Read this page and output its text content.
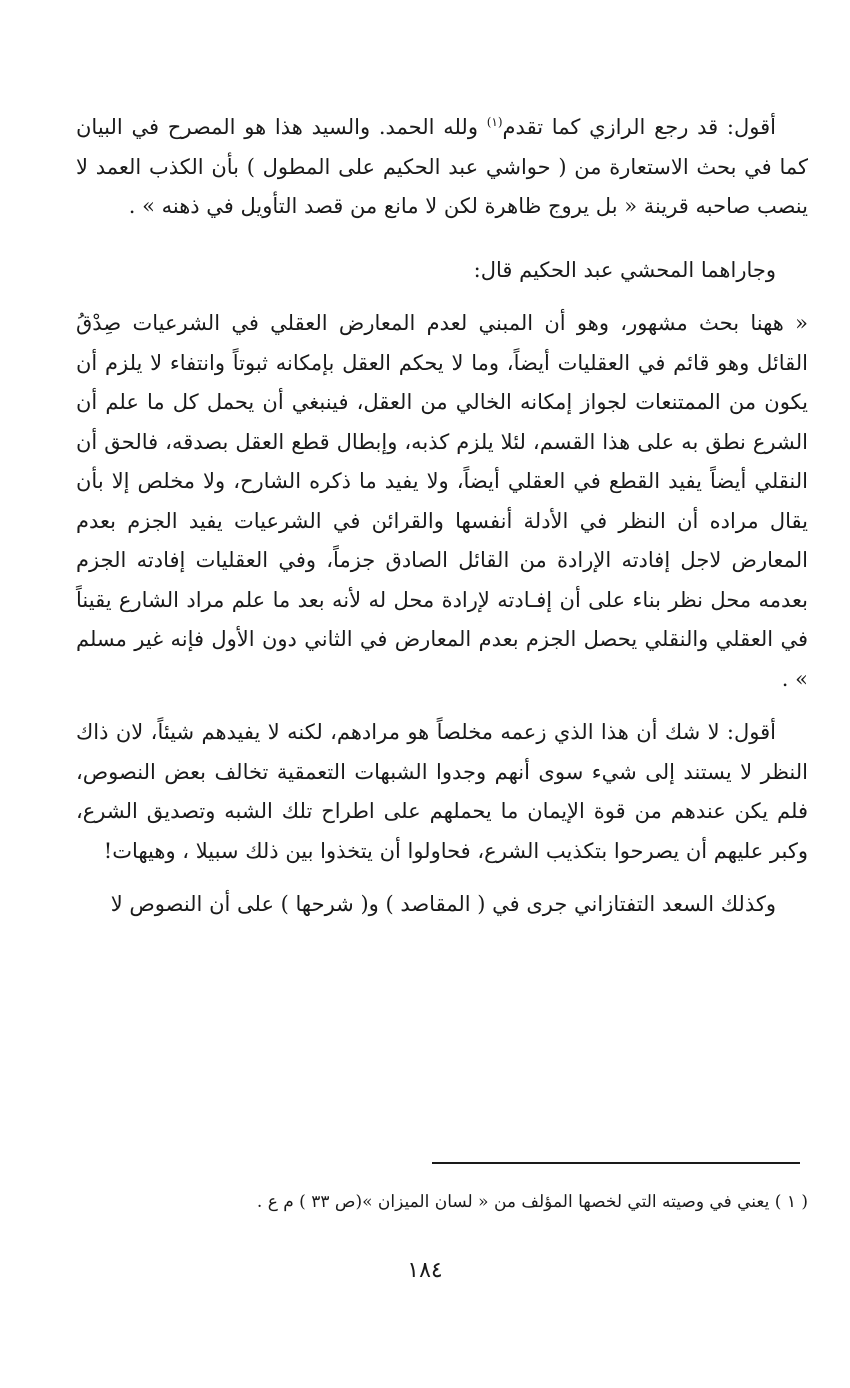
أقول: قد رجع الرازي كما تقدم$^{(١)}$ ولله الحمد. والسيد هذا هو المصرح في البيان كما في بحث الاستعارة من ( حواشي عبد الحكيم على المطول ) بأن الكذب العمد لا ينصب صاحبه قرينة « بل يروج ظاهرة لكن لا مانع من قصد التأويل في ذهنه » .

وجاراهما المحشي عبد الحكيم قال:

« ههنا بحث مشهور، وهو أن المبني لعدم المعارض العقلي في الشرعيات صِدْقُ القائل وهو قائم في العقليات أيضاً، وما لا يحكم العقل بإمكانه ثبوتاً وانتفاء لا يلزم أن يكون من الممتنعات لجواز إمكانه الخالي من العقل، فينبغي أن يحمل كل ما علم أن الشرع نطق به على هذا القسم، لئلا يلزم كذبه، وإبطال قطع العقل بصدقه، فالحق أن النقلي أيضاً يفيد القطع في العقلي أيضاً، ولا يفيد ما ذكره الشارح، ولا مخلص إلا بأن يقال مراده أن النظر في الأدلة أنفسها والقرائن في الشرعيات يفيد الجزم بعدم المعارض لاجل إفادته الإرادة من القائل الصادق جزماً، وفي العقليات إفادته الجزم بعدمه محل نظر بناء على أن إفـادته لإرادة محل له لأنه بعد ما علم مراد الشارع يقيناً في العقلي والنقلي يحصل الجزم بعدم المعارض في الثاني دون الأول فإنه غير مسلم » .

أقول: لا شك أن هذا الذي زعمه مخلصاً هو مرادهم، لكنه لا يفيدهم شيئاً، لان ذاك النظر لا يستند إلى شيء سوى أنهم وجدوا الشبهات التعمقية تخالف بعض النصوص، فلم يكن عندهم من قوة الإيمان ما يحملهم على اطراح تلك الشبه وتصديق الشرع، وكبر عليهم أن يصرحوا بتكذيب الشرع، فحاولوا أن يتخذوا بين ذلك سبيلا ، وهيهات!

وكذلك السعد التفتازاني جرى في ( المقاصد ) و( شرحها ) على أن النصوص لا

( ١ ) يعني في وصيته التي لخصها المؤلف من « لسان الميزان »(ص ٣٣ ) م ع .
١٨٤
